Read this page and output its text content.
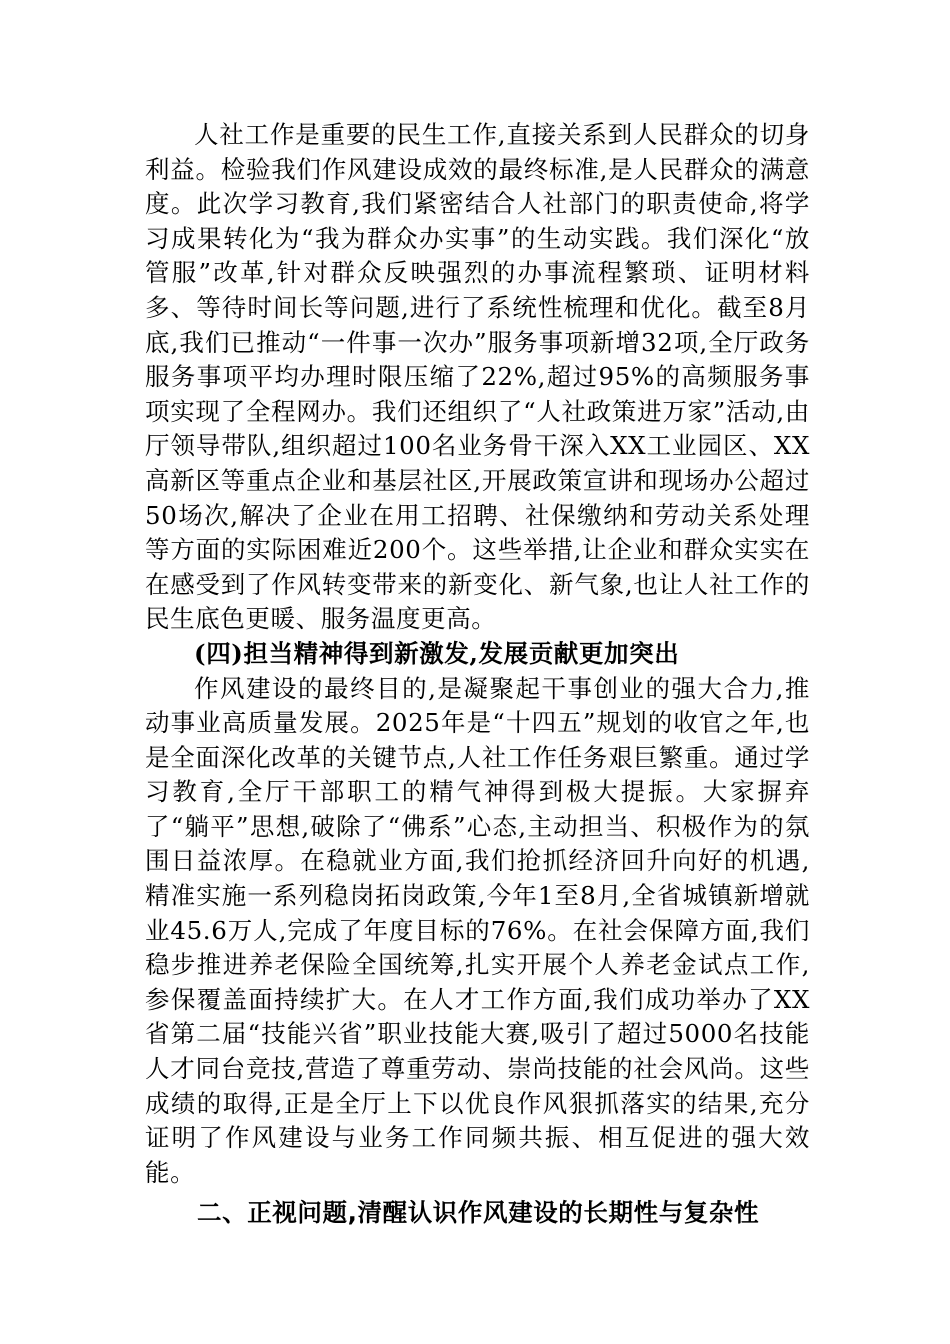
人社工作是重要的民生工作,直接关系到人民群众的切身利益。检验我们作风建设成效的最终标准,是人民群众的满意度。此次学习教育,我们紧密结合人社部门的职责使命,将学习成果转化为“我为群众办实事”的生动实践。我们深化“放管服”改革,针对群众反映强烈的办事流程繁琐、证明材料多、等待时间长等问题,进行了系统性梳理和优化。截至8月底,我们已推动“一件事一次办”服务事项新增32项,全厅政务服务事项平均办理时限压缩了22%,超过95%的高频服务事项实现了全程网办。我们还组织了“人社政策进万家”活动,由厅领导带队,组织超过100名业务骨干深入XX工业园区、XX高新区等重点企业和基层社区,开展政策宣讲和现场办公超过50场次,解决了企业在用工招聘、社保缴纳和劳动关系处理等方面的实际困难近200个。这些举措,让企业和群众实实在在感受到了作风转变带来的新变化、新气象,也让人社工作的民生底色更暖、服务温度更高。

(四)担当精神得到新激发,发展贡献更加突出

作风建设的最终目的,是凝聚起干事创业的强大合力,推动事业高质量发展。2025年是“十四五”规划的收官之年,也是全面深化改革的关键节点,人社工作任务艰巨繁重。通过学习教育,全厅干部职工的精气神得到极大提振。大家摒弃了“躺平”思想,破除了“佛系”心态,主动担当、积极作为的氛围日益浓厚。在稳就业方面,我们抢抓经济回升向好的机遇,精准实施一系列稳岗拓岗政策,今年1至8月,全省城镇新增就业45.6万人,完成了年度目标的76%。在社会保障方面,我们稳步推进养老保险全国统筹,扎实开展个人养老金试点工作,参保覆盖面持续扩大。在人才工作方面,我们成功举办了XX省第二届“技能兴省”职业技能大赛,吸引了超过5000名技能人才同台竞技,营造了尊重劳动、崇尚技能的社会风尚。这些成绩的取得,正是全厅上下以优良作风狠抓落实的结果,充分证明了作风建设与业务工作同频共振、相互促进的强大效能。

二、正视问题,清醒认识作风建设的长期性与复杂性
